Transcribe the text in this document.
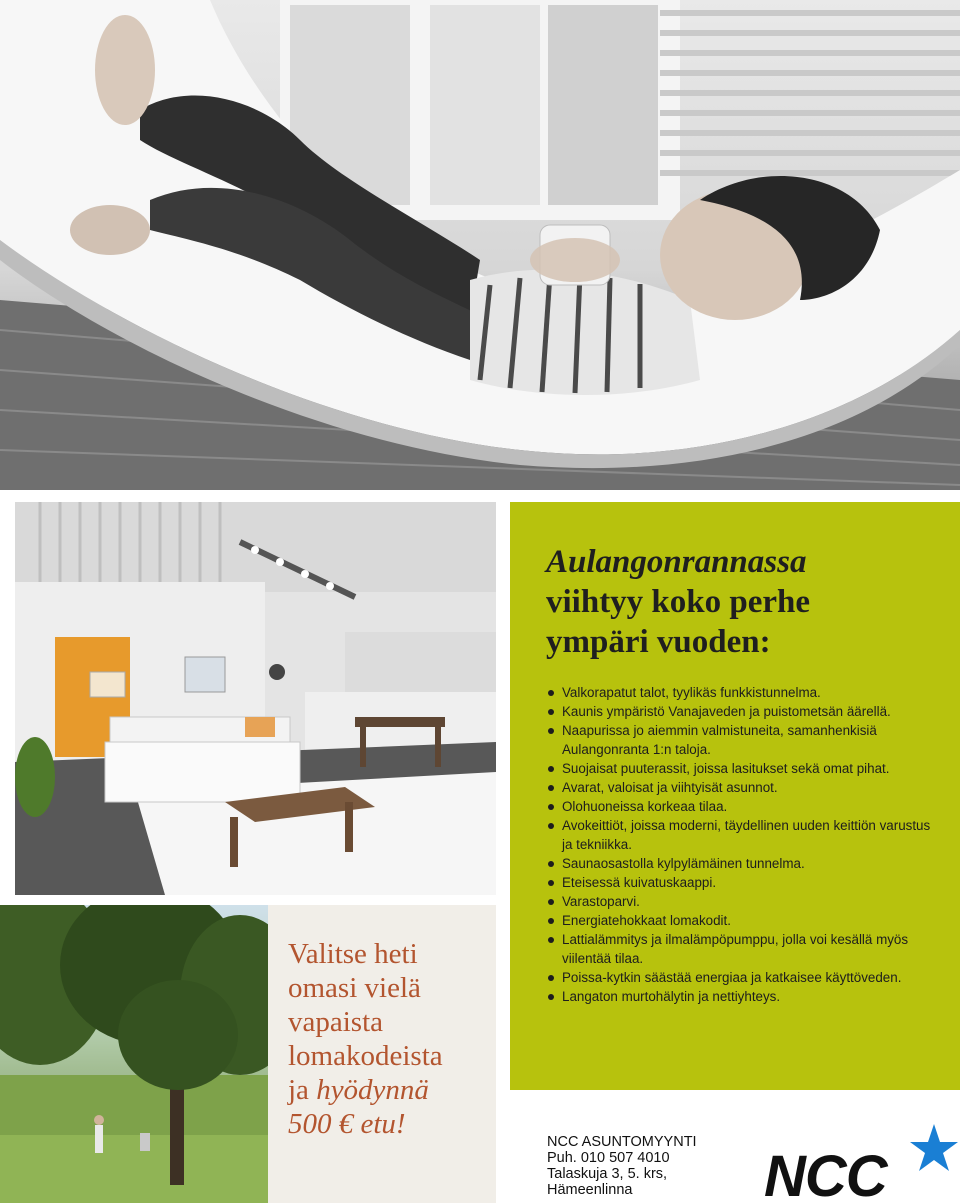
Valitse heti
omasi vielä
vapaista
lomakodeista
ja hyödynnä
500 € etu!
Aulangonrannassa
viihtyy koko perhe
ympäri vuoden:
Valkorapatut talot, tyylikäs funkkistunnelma.
Kaunis ympäristö Vanajaveden ja puistometsän äärellä.
Naapurissa jo aiemmin valmistuneita, samanhenkisiä Aulangonranta 1:n taloja.
Suojaisat puuterassit, joissa lasitukset sekä omat pihat.
Avarat, valoisat ja viihtyisät asunnot.
Olohuoneissa korkeaa tilaa.
Avokeittiöt, joissa moderni, täydellinen uuden keittiön varustus ja tekniikka.
Saunaosastolla kylpylämäinen tunnelma.
Eteisessä kuivatuskaappi.
Varastoparvi.
Energiatehokkaat lomakodit.
Lattialämmitys ja ilmalämpöpumppu, jolla voi kesällä myös viilentää tilaa.
Poissa-kytkin säästää energiaa ja katkaisee käyttöveden.
Langaton murtohälytin ja nettiyhteys.
NCC ASUNTOMYYNTI
Puh. 010 507 4010
Talaskuja 3, 5. krs,
Hämeenlinna	NCC
